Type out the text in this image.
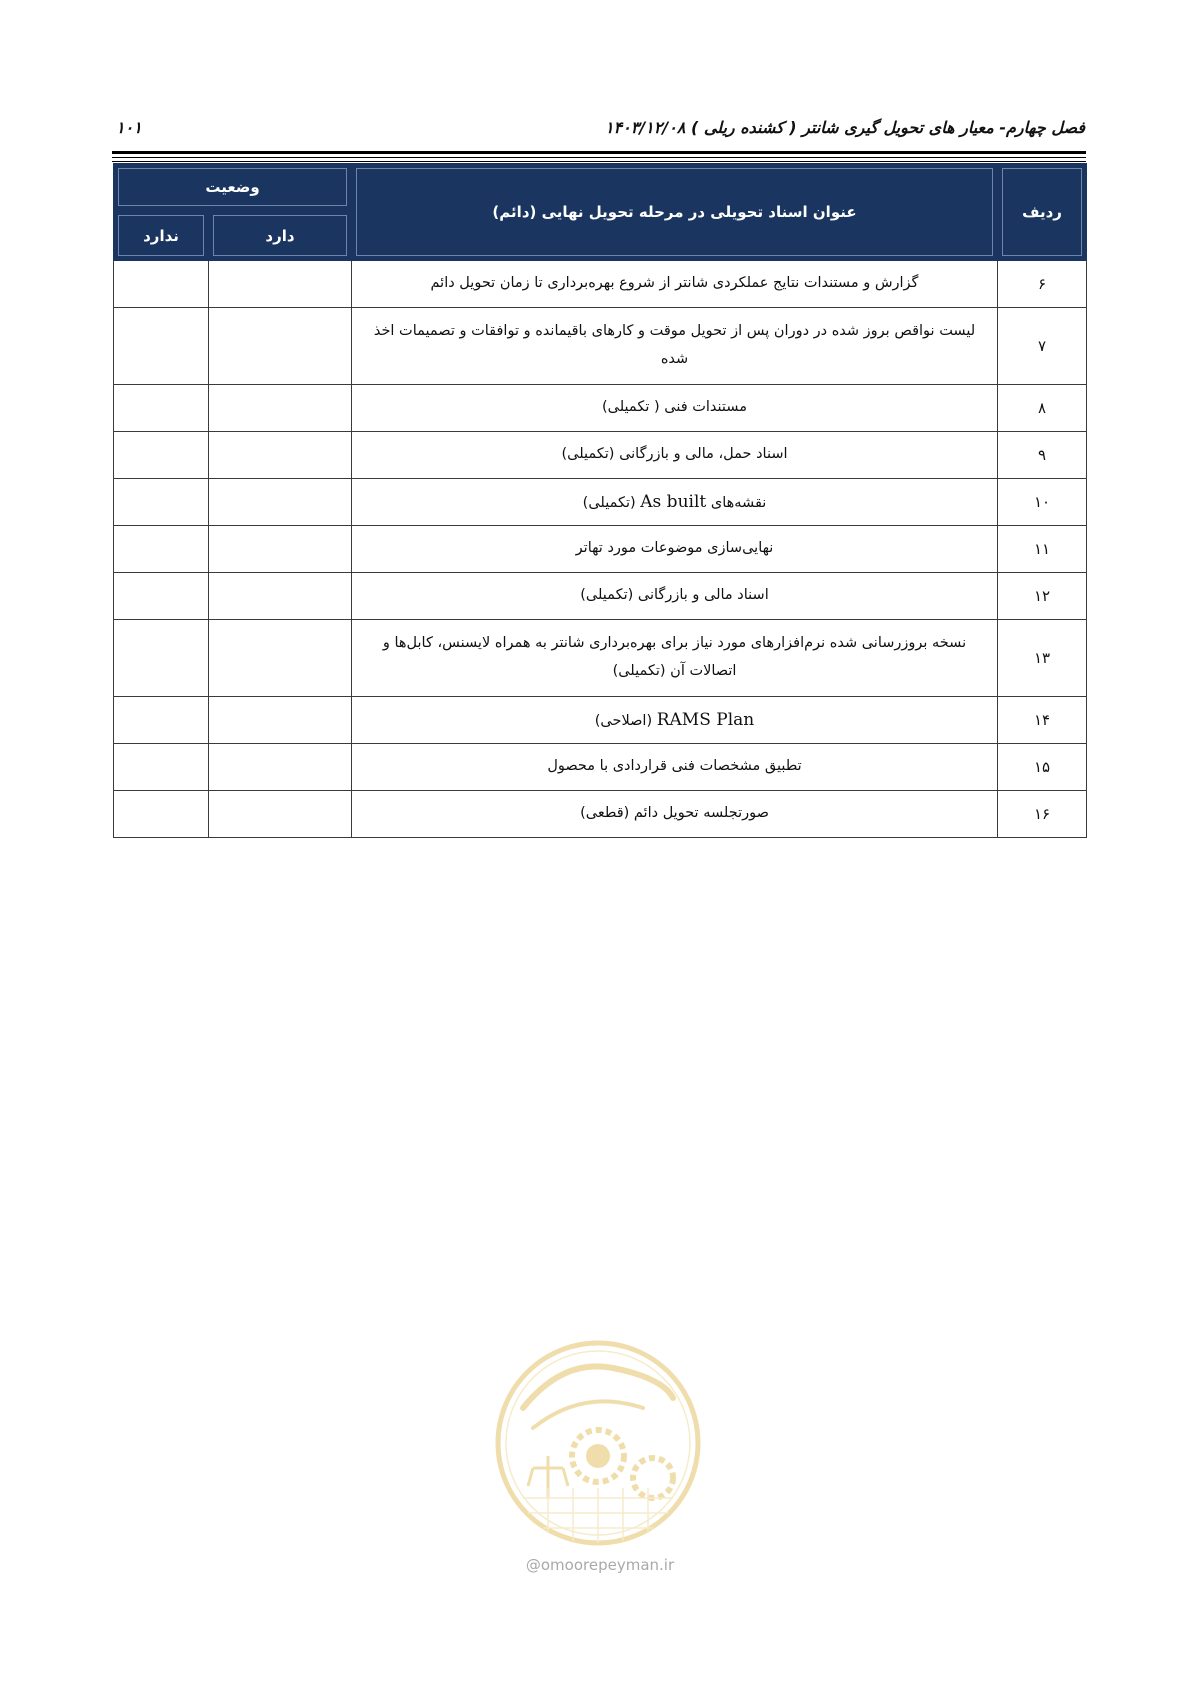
فصل چهارم- معیار های تحویل گیری شانتر ( کشنده ریلی ) ۱۴۰۳/۱۲/۰۸
۱۰۱
ردیف	عنوان اسناد تحویلی در مرحله تحویل نهایی (دائم)	وضعیت	

دارد	ندارد

۶	گزارش و مستندات نتایج عملکردی شانتر از شروع بهره‌برداری تا زمان تحویل دائم		
۷	لیست نواقص بروز شده در دوران پس از تحویل موقت و کارهای باقیمانده و توافقات و تصمیمات اخذ شده		
۸	مستندات فنی ( تکمیلی)		
۹	اسناد حمل، مالی و بازرگانی (تکمیلی)		
۱۰	نقشه‌های As built (تکمیلی)		
۱۱	نهایی‌سازی موضوعات مورد تهاتر		
۱۲	اسناد مالی و بازرگانی (تکمیلی)		
۱۳	نسخه بروزرسانی شده نرم‌افزارهای مورد نیاز برای بهره‌برداری شانتر به همراه لایسنس، کابل‌ها و اتصالات آن (تکمیلی)		
۱۴	RAMS Plan (اصلاحی)		
۱۵	تطبیق مشخصات فنی قراردادی با محصول		
۱۶	صورتجلسه تحویل دائم (قطعی)		
@omoorepeyman.ir
